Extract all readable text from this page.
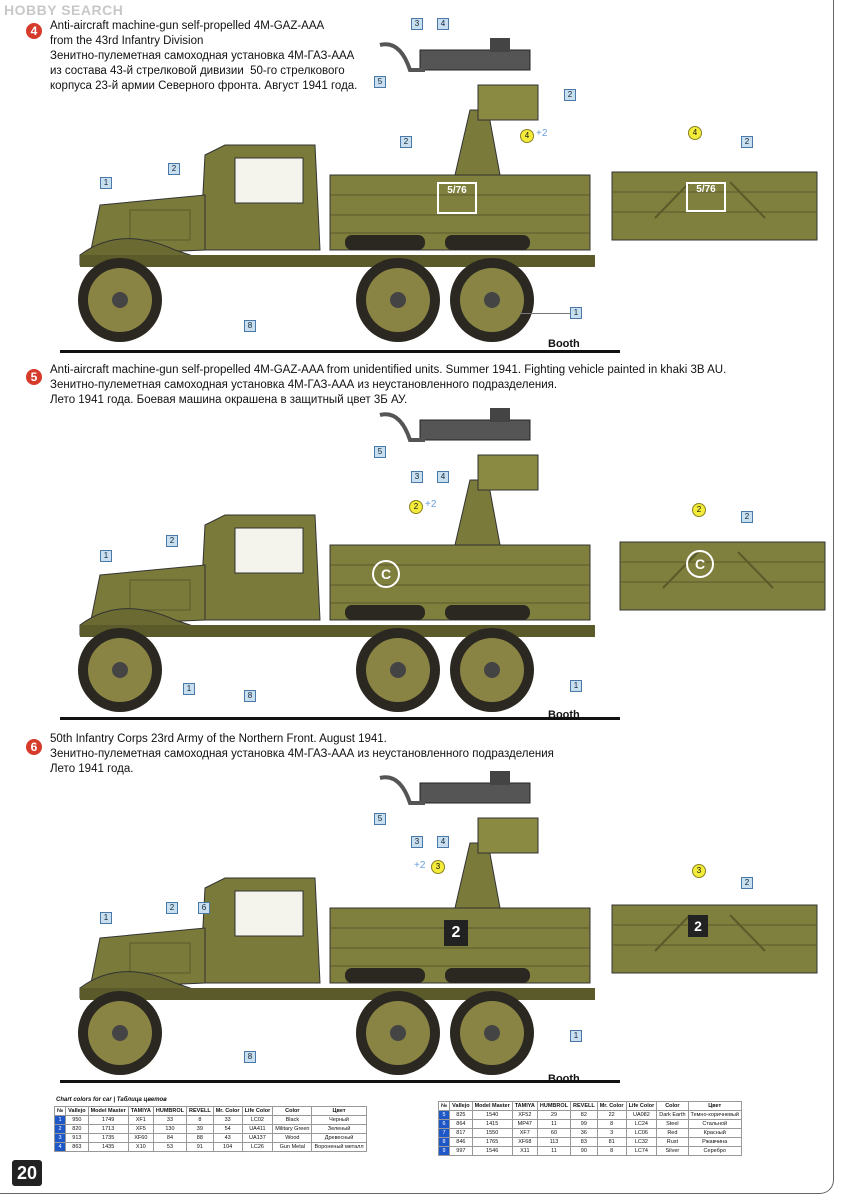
HOBBY SEARCH
4	Anti-aircraft machine-gun self-propelled 4M-GAZ-AAA
from the 43rd Infantry Division
Зенитно-пулеметная самоходная установка 4М-ГАЗ-ААА
из состава 43-й стрелковой дивизии  50-го стрелкового
корпуса 23-й армии Северного фронта. Август 1941 года.
5	Anti-aircraft machine-gun self-propelled 4M-GAZ-AAA from unidentified units. Summer 1941. Fighting vehicle painted in khaki 3B AU.
Зенитно-пулеметная самоходная установка 4М-ГАЗ-ААА из неустановленного подразделения.
Лето 1941 года. Боевая машина окрашена в защитный цвет 3Б АУ.
6
50th Infantry Corps 23rd Army of the Northern Front. August 1941.
Зенитно-пулеметная самоходная установка 4М-ГАЗ-ААА из неустановленного подразделения
Лето 1941 года.
5/76	5/76
C
C
2	2
Booth
Booth
Booth
3	4
5
2
2
4 +2
1
2
8
1
4
2
5
3	4
2 +2
1
2
1
8
1
2
2
5
3	4
+2	3
1
2	6
8
1
3
2
Chart colors for car | Таблица цветов
№	Vallejo	Model Master	TAMIYA	HUMBROL	REVELL	Mr. Color	Life Color	Color	Цвет
1	950	1749	XF1	33	8	33	LC02	Black	Черный
2	820	1713	XF5	130	39	54	UA411	Military Green	Зеленый
3	913	1735	XF60	84	88	43	UA137	Wood	Древесный
4	863	1435	X10	53	91	104	LC26	Gun Metal	Вороненый металл
№	Vallejo	Model Master	TAMIYA	HUMBROL	REVELL	Mr. Color	Life Color	Color	Цвет
5	825	1540	XF52	29	82	22	UA082	Dark Earth	Темно-коричневый
6	864	1415	MP47	11	99	8	LC24	Steel	Стальной
7	817	1550	XF7	60	36	3	LC06	Red	Красный
8	846	1765	XF68	113	83	81	LC32	Rust	Ржавчина
9	997	1546	X11	11	90	8	LC74	Silver	Серебро
20
